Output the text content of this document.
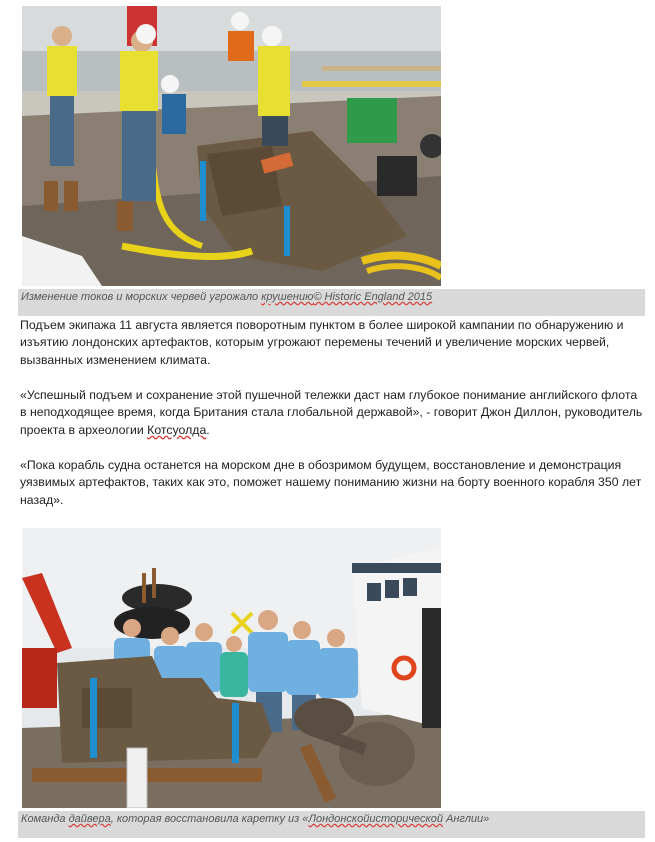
Изменение токов и морских червей угрожало крушению© Historic England 2015

Подъем экипажа 11 августа является поворотным пунктом в более широкой кампании по обнаружению и изъятию лондонских артефактов, которым угрожают перемены течений и увеличение морских червей, вызванных изменением климата.

«Успешный подъем и сохранение этой пушечной тележки даст нам глубокое понимание английского флота в неподходящее время, когда Британия стала глобальной державой», - говорит Джон Диллон, руководитель проекта в археологии Котсуолда.

«Пока корабль судна останется на морском дне в обозримом будущем, восстановление и демонстрация уязвимых артефактов, таких как это, поможет нашему пониманию жизни на борту военного корабля 350 лет назад».

Команда дайвера, которая восстановила каретку из «Лондонскойисторической Англии»
